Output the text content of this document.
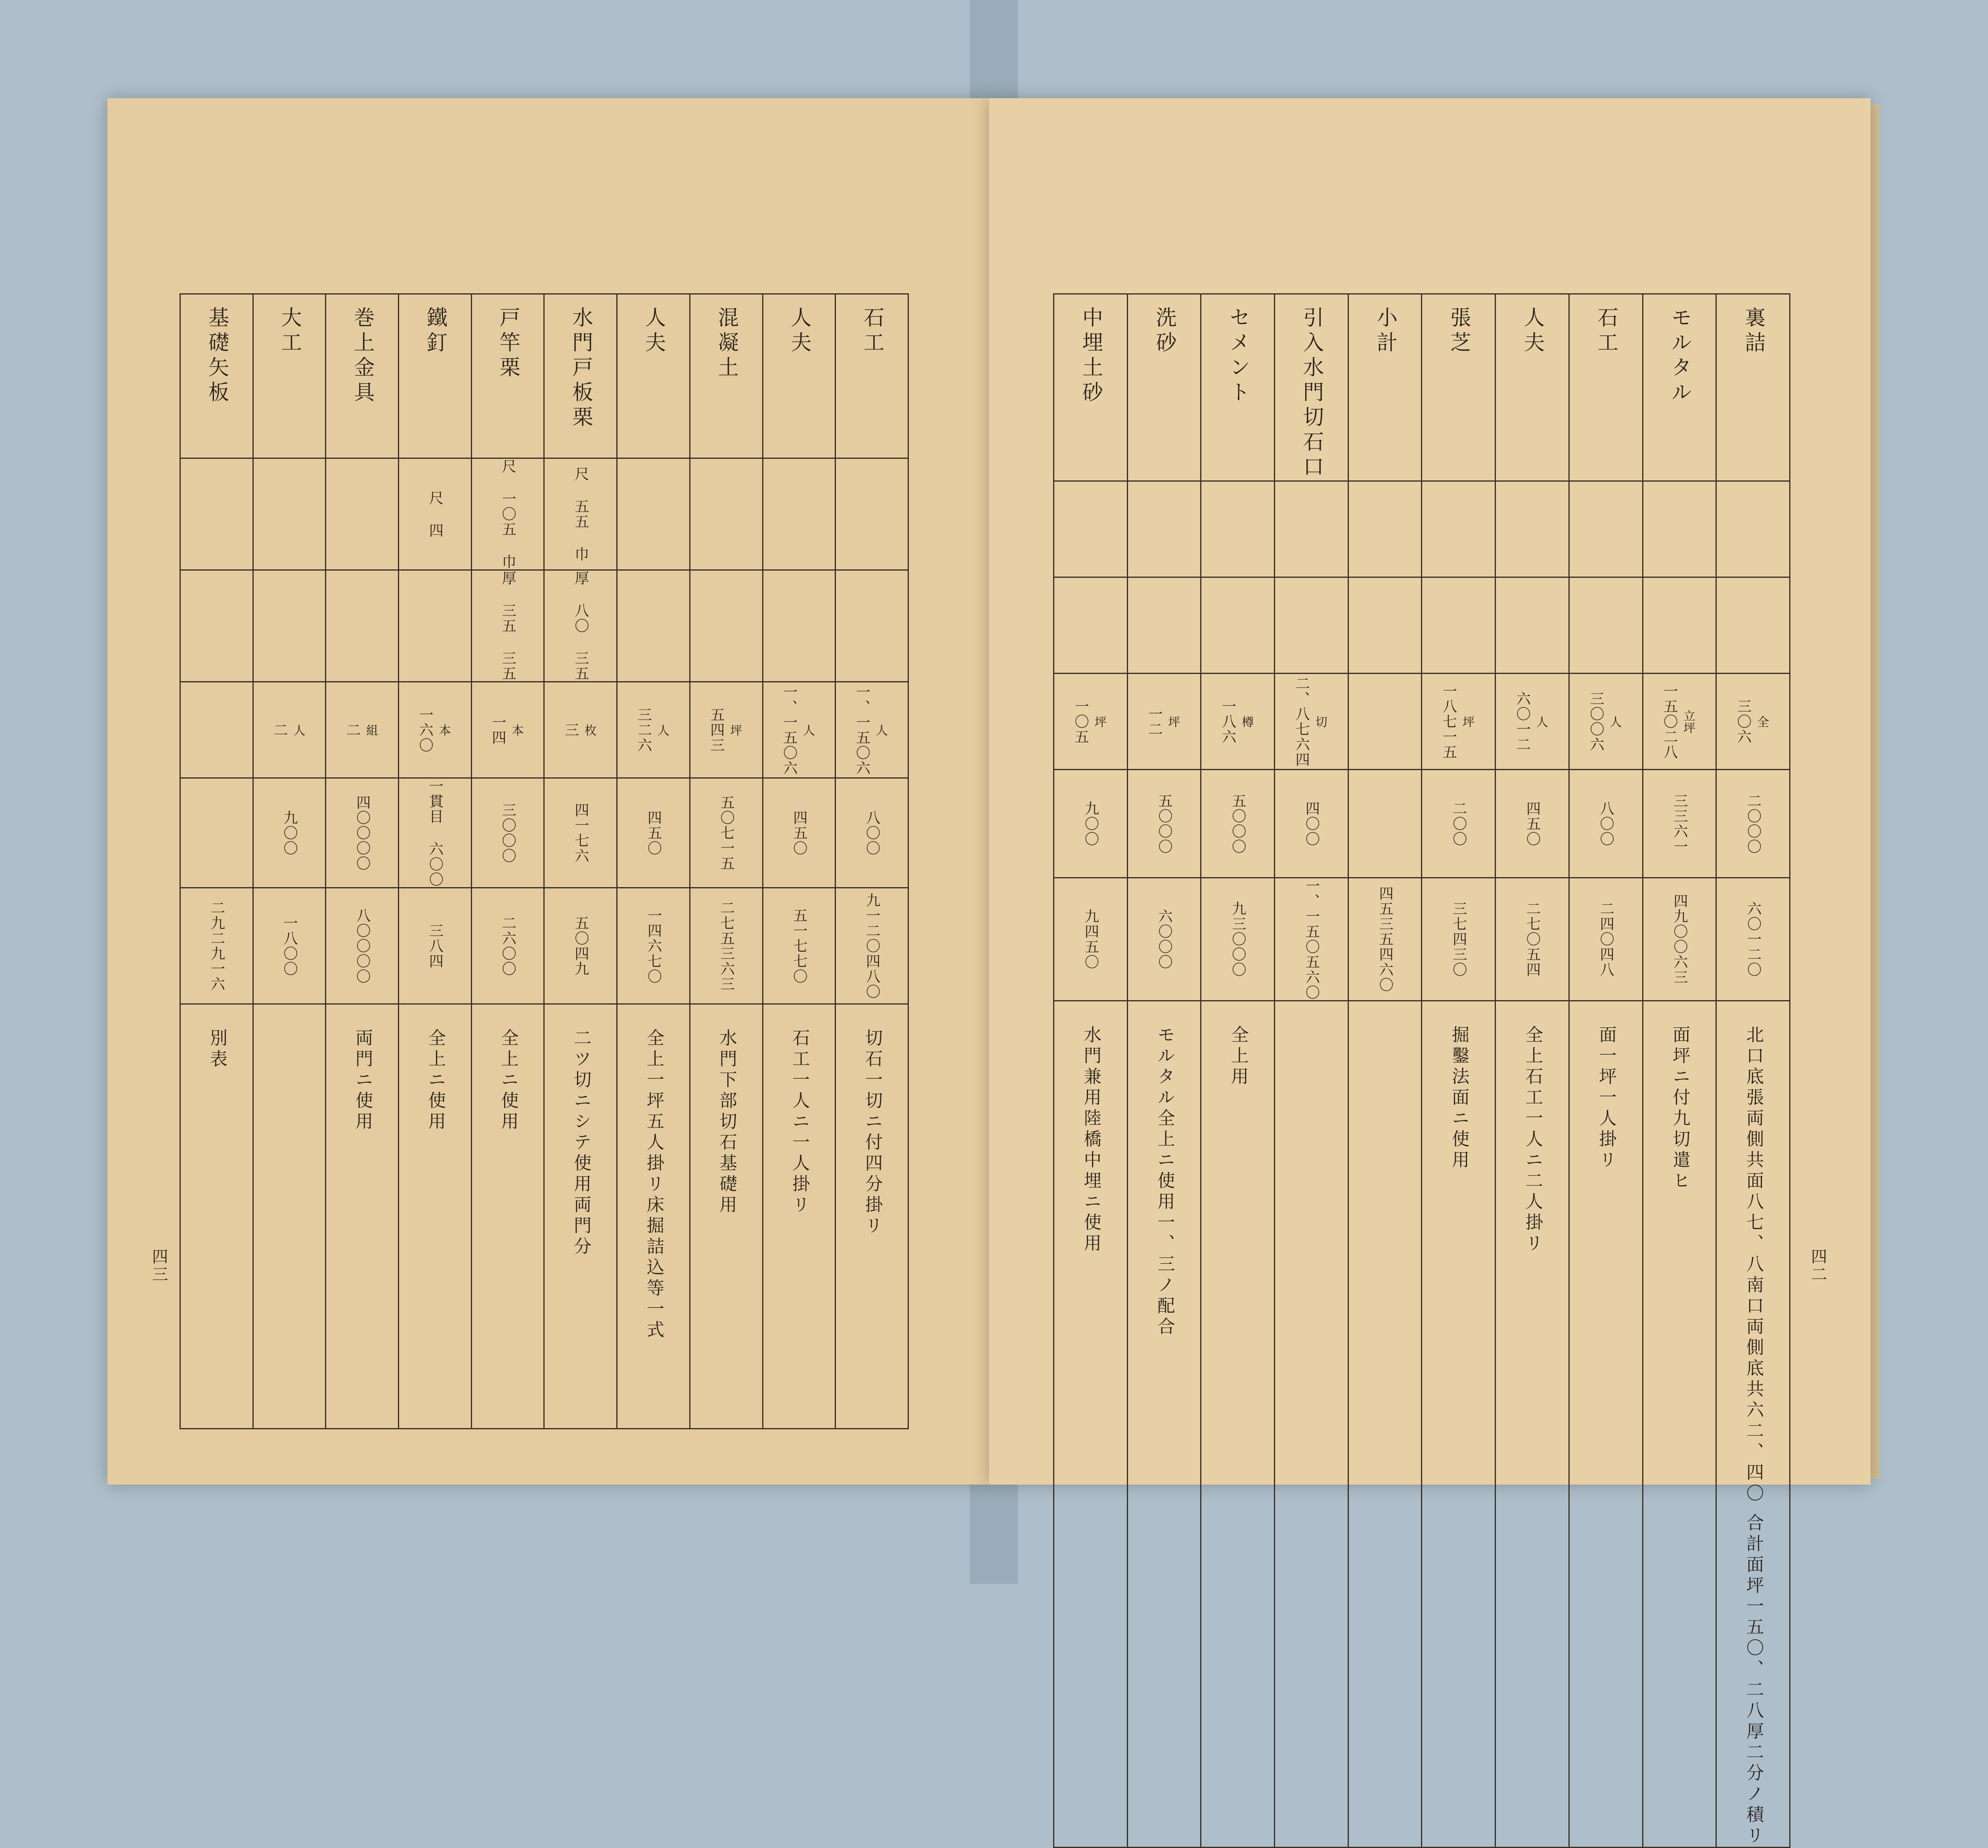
基礎矢板	大工	巻上金具	鐵釘	戸竿栗	水門戸板栗	人夫	混凝土	人夫	石工

			尺 四	尺 一〇五 巾	尺 五五 巾				

				厚 三五 三五	厚 八〇 三五				

	二 人	二 組	一六〇 本	一四 本	三 枚	三二六 人	五四三 坪	一、一五〇六 人	一、一五〇六 人

	九〇〇	四〇〇〇〇	一貫目 六〇〇	三〇〇〇	四一七六	四五〇	五〇七一五	四五〇	八〇〇

二九二九一六	一八〇〇	八〇〇〇〇	三八四	二六〇〇	五〇四九	一四六七〇	二七五三六三	五一七七〇	九一二〇四八〇

別表		両門ニ使用	全上ニ使用	全上ニ使用	二ツ切ニシテ使用両門分	全上一坪五人掛リ床掘詰込等一式	水門下部切石基礎用	石工一人ニ一人掛リ	切石一切ニ付四分掛リ
四三
中埋土砂	洗砂	セメント	引入水門切石口	小計	張芝	人夫	石工	モルタル	裏詰

一〇五 坪	一二 坪	一八六 樽	二、八七六四 切		一八七一五 坪	六〇一二 人	三〇〇六 人	一五〇二八 立坪	三〇六 全

九〇〇	五〇〇〇	五〇〇〇	四〇〇		二〇〇	四五〇	八〇〇	三三六一	二〇〇〇

九四五〇	六〇〇〇	九三〇〇〇	一、一五〇五六〇	四五三五四六〇	三七四三〇	二七〇五四	二四〇四八	四九〇〇六三	六〇一二〇

水門兼用陸橋中埋ニ使用	モルタル全上ニ使用一、三ノ配合	全上用			掘鑿法面ニ使用	全上石工一人ニ二人掛リ	面一坪一人掛リ	面坪ニ付九切遣ヒ	北口底張両側共面八七、八南口両側底共六二、四〇 合計面坪一五〇、二八厚二分ノ積リ	四二
